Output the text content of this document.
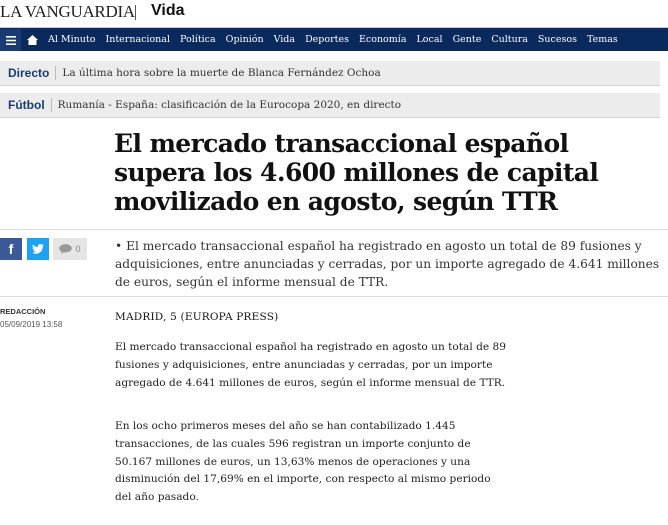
LA VANGUARDIA Vida
Al Minuto	Internacional	Política	Opinión	Vida	Deportes	Economía	Local	Gente	Cultura	Sucesos	Temas
Directo	La última hora sobre la muerte de Blanca Fernández Ochoa
Fútbol	Rumanía - España: clasificación de la Eurocopa 2020, en directo
El mercado transaccional español supera los 4.600 millones de capital movilizado en agosto, según TTR
f	0	• El mercado transaccional español ha registrado en agosto un total de 89 fusiones y adquisiciones, entre anunciadas y cerradas, por un importe agregado de 4.641 millones de euros, según el informe mensual de TTR.
REDACCIÓN
05/09/2019 13:58
MADRID, 5 (EUROPA PRESS)

El mercado transaccional español ha registrado en agosto un total de 89 fusiones y adquisiciones, entre anunciadas y cerradas, por un importe agregado de 4.641 millones de euros, según el informe mensual de TTR.

En los ocho primeros meses del año se han contabilizado 1.445 transacciones, de las cuales 596 registran un importe conjunto de 50.167 millones de euros, un 13,63% menos de operaciones y una disminución del 17,69% en el importe, con respecto al mismo periodo del año pasado.
